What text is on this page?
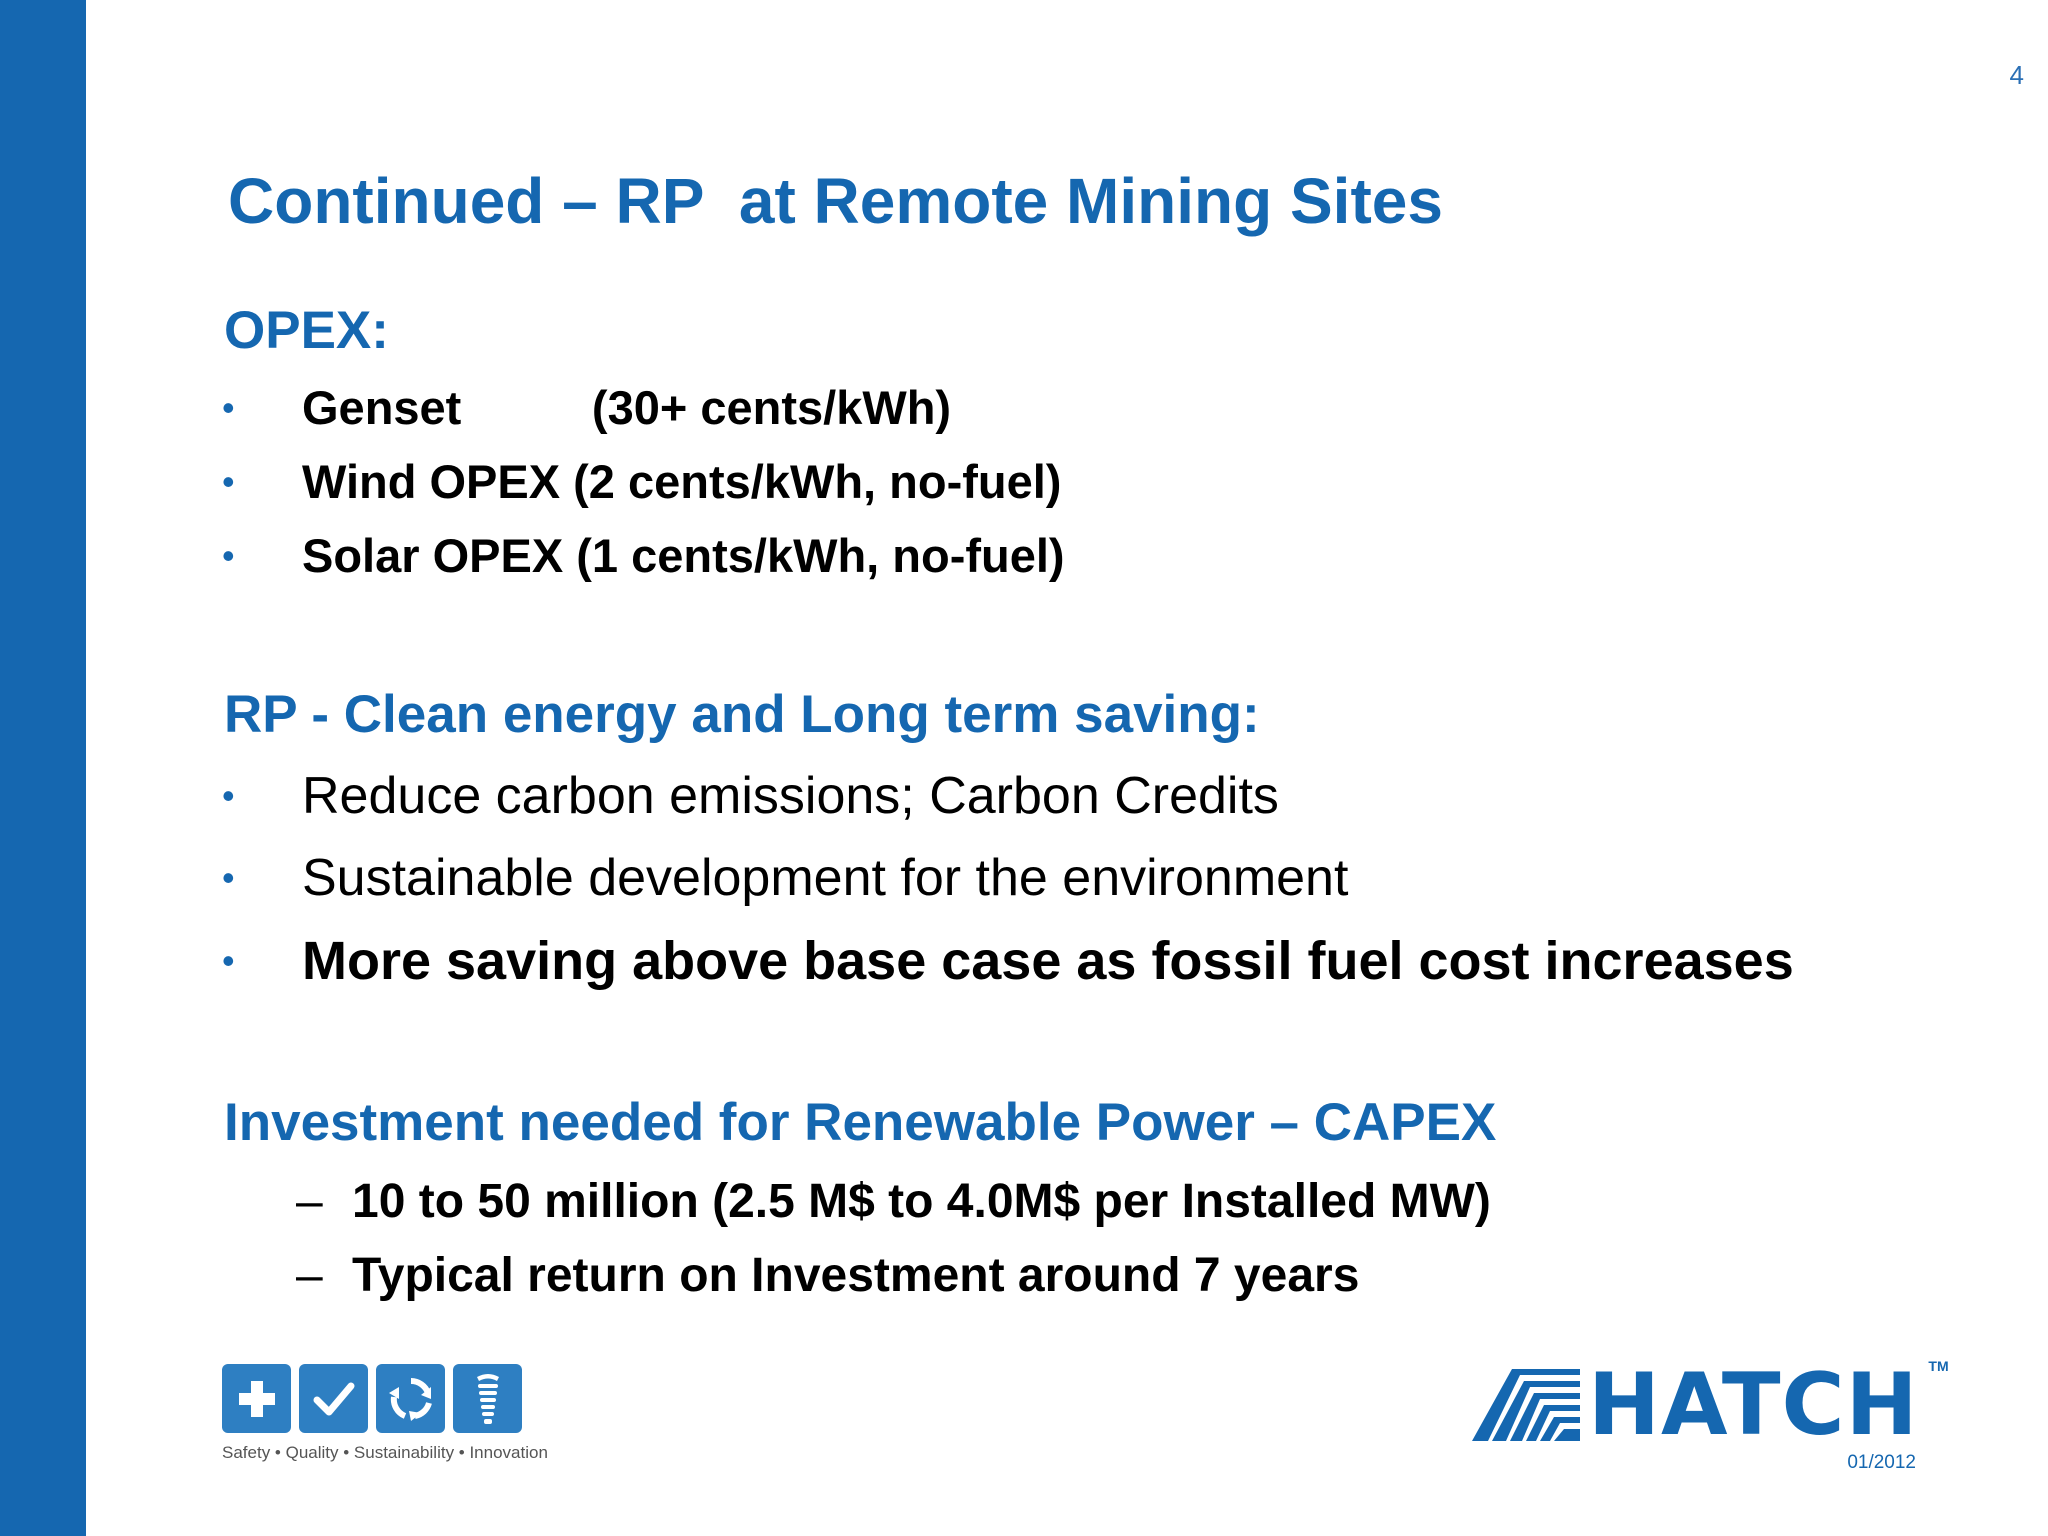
4
Continued – RP  at Remote Mining Sites
OPEX:
•	Genset          (30+ cents/kWh)
•	Wind OPEX (2 cents/kWh, no-fuel)
•	Solar OPEX (1 cents/kWh, no-fuel)
RP - Clean energy and Long term saving:
•	Reduce carbon emissions; Carbon Credits
•	Sustainable development for the environment
•	More saving above base case as fossil fuel cost increases
Investment needed for Renewable Power – CAPEX
– 10 to 50 million (2.5 M$ to 4.0M$ per Installed MW)
– Typical return on Investment around 7 years
Safety • Quality • Sustainability • Innovation	HATCH TM
01/2012
